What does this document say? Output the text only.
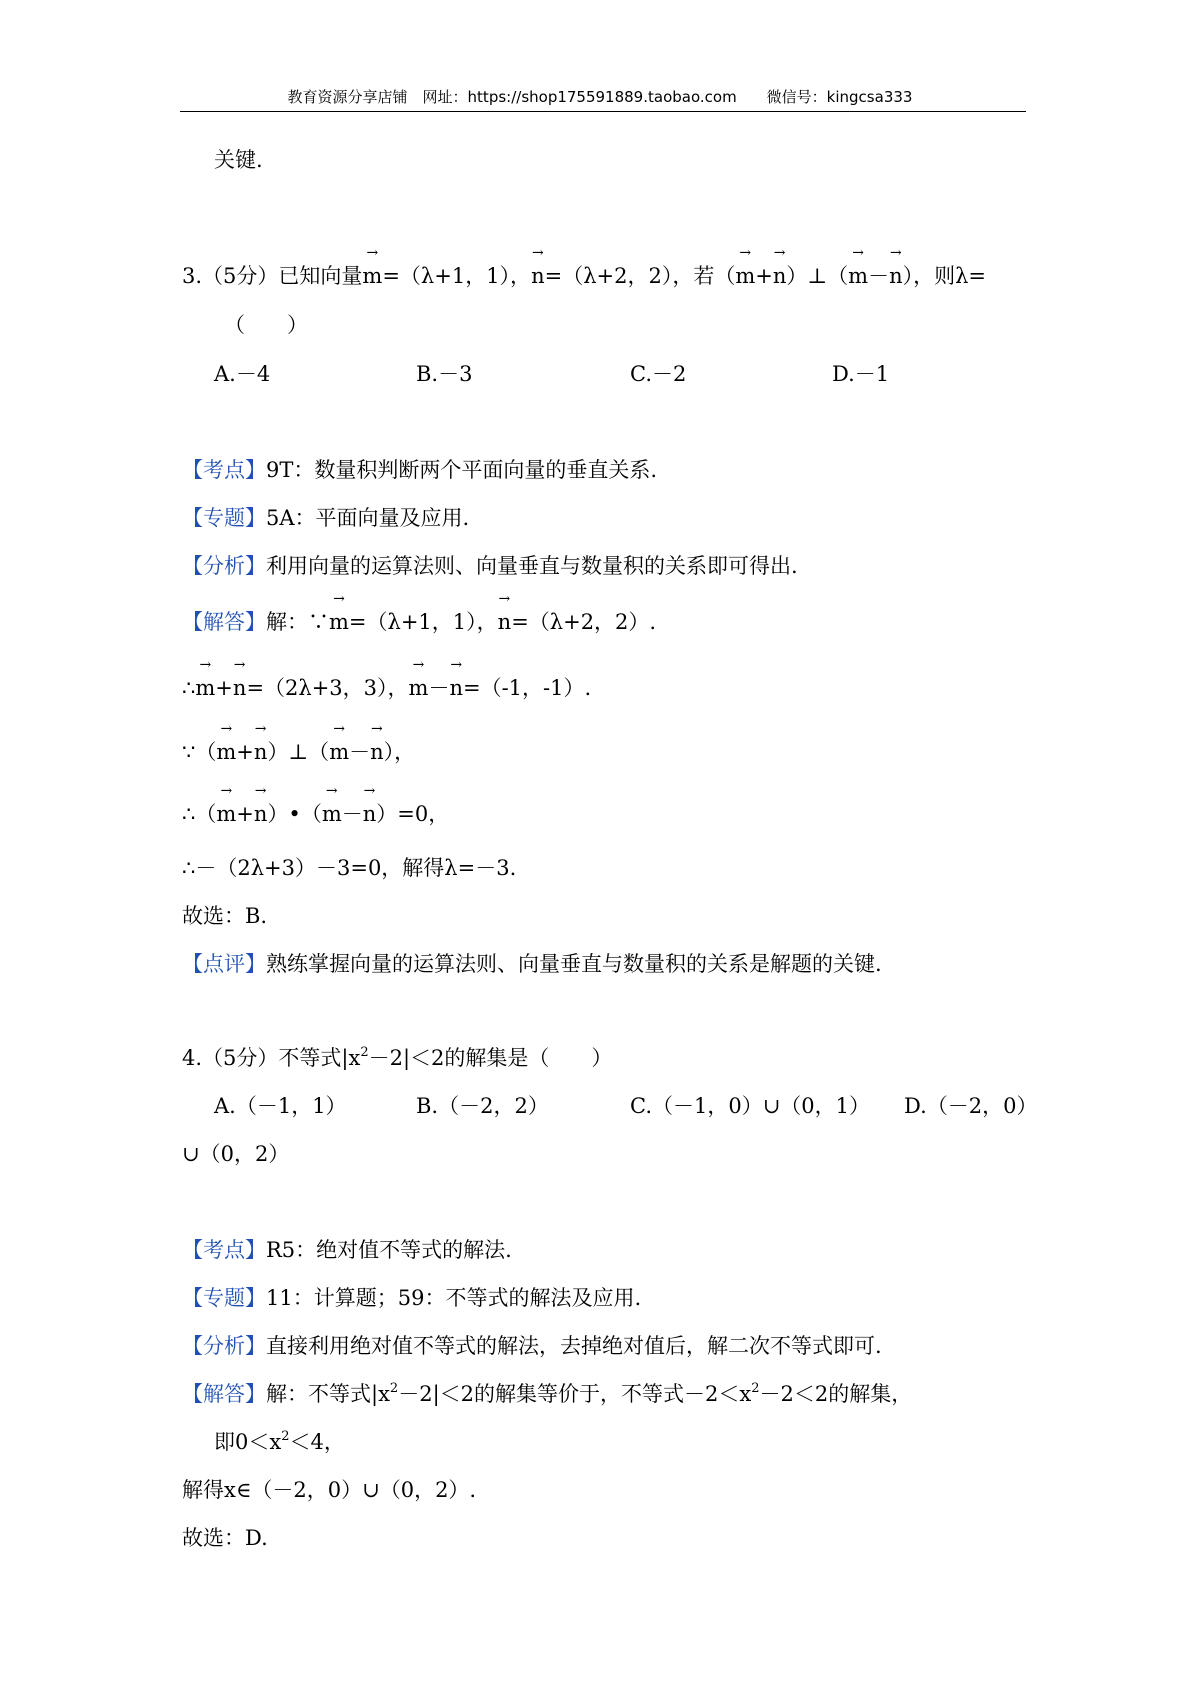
教育资源分享店铺　网址：https://shop175591889.taobao.com　　微信号：kingcsa333
关键.
3.（5分）已知向量→ m=（λ+1，1），→ n=（λ+2，2），若（→ m+→ n）⊥（→ m－→ n），则λ=
（　　）
A.－4	B.－3	C.－2	D.－1
【考点】9T：数量积判断两个平面向量的垂直关系.
【专题】5A：平面向量及应用.
【分析】利用向量的运算法则、向量垂直与数量积的关系即可得出.
【解答】解：∵→ m=（λ+1，1），→ n=（λ+2，2）.
∴→ m+→ n=（2λ+3，3），→ m－→ n=（-1，-1）.
∵（→ m+→ n）⊥（→ m－→ n），
∴（→ m+→ n）•（→ m－→ n）=0，
∴－（2λ+3）－3=0，解得λ=－3.
故选：B.
【点评】熟练掌握向量的运算法则、向量垂直与数量积的关系是解题的关键.
4.（5分）不等式$|x^2-2|<2$的解集是（　　）
A.（－1，1）	B.（－2，2）	C.（－1，0）∪（0，1） D.（－2，0）
∪（0，2）
【考点】R5：绝对值不等式的解法.
【专题】11：计算题；59：不等式的解法及应用.
【分析】直接利用绝对值不等式的解法，去掉绝对值后，解二次不等式即可.
【解答】解：不等式$|x^2-2|<2$的解集等价于，不等式$-2<x^2-2<2$的解集，
即$0<x^2<4$，
解得x∈（－2，0）∪（0，2）.
故选：D.
